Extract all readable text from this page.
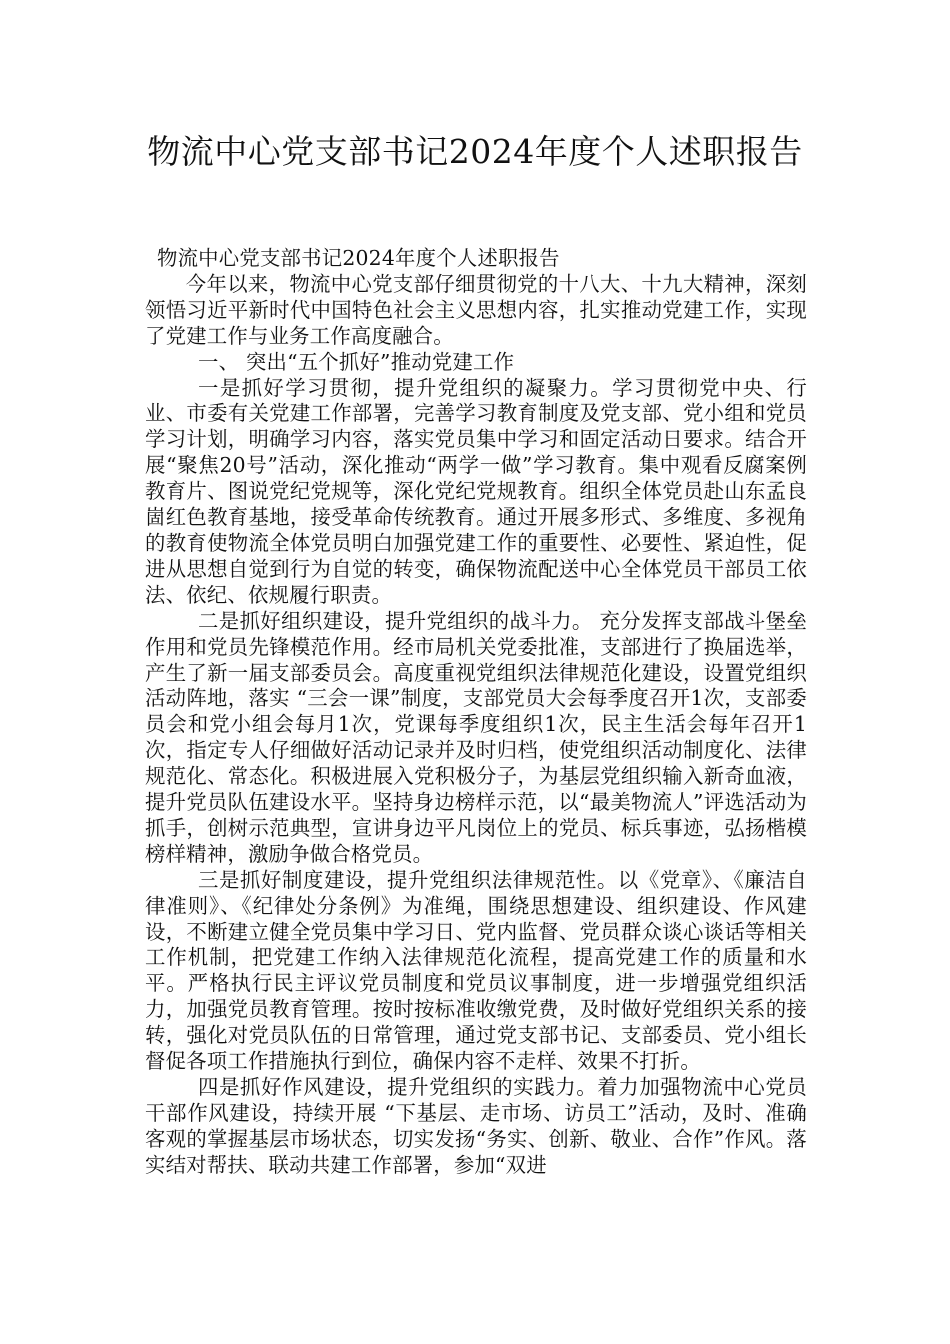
物流中心党支部书记2024年度个人述职报告

物流中心党支部书记2024年度个人述职报告

今年以来，物流中心党支部仔细贯彻党的十八大、十九大精神，深刻领悟习近平新时代中国特色社会主义思想内容，扎实推动党建工作，实现了党建工作与业务工作高度融合。

一、 突出“五个抓好”推动党建工作

一是抓好学习贯彻，提升党组织的凝聚力。学习贯彻党中央、行业、市委有关党建工作部署，完善学习教育制度及党支部、党小组和党员学习计划，明确学习内容，落实党员集中学习和固定活动日要求。结合开展“聚焦20号”活动，深化推动“两学一做”学习教育。集中观看反腐案例教育片、图说党纪党规等，深化党纪党规教育。组织全体党员赴山东孟良崮红色教育基地，接受革命传统教育。通过开展多形式、多维度、多视角的教育使物流全体党员明白加强党建工作的重要性、必要性、紧迫性，促进从思想自觉到行为自觉的转变，确保物流配送中心全体党员干部员工依法、依纪、依规履行职责。

二是抓好组织建设，提升党组织的战斗力。 充分发挥支部战斗堡垒作用和党员先锋模范作用。经市局机关党委批准，支部进行了换届选举，产生了新一届支部委员会。高度重视党组织法律规范化建设，设置党组织活动阵地，落实 “三会一课”制度，支部党员大会每季度召开1次，支部委员会和党小组会每月1次，党课每季度组织1次，民主生活会每年召开1次，指定专人仔细做好活动记录并及时归档，使党组织活动制度化、法律规范化、常态化。积极进展入党积极分子，为基层党组织输入新奇血液，提升党员队伍建设水平。坚持身边榜样示范，以“最美物流人”评选活动为抓手，创树示范典型，宣讲身边平凡岗位上的党员、标兵事迹，弘扬楷模榜样精神，激励争做合格党员。

三是抓好制度建设，提升党组织法律规范性。以《党章》、《廉洁自律准则》、《纪律处分条例》为准绳，围绕思想建设、组织建设、作风建设，不断建立健全党员集中学习日、党内监督、党员群众谈心谈话等相关工作机制，把党建工作纳入法律规范化流程，提高党建工作的质量和水平。严格执行民主评议党员制度和党员议事制度，进一步增强党组织活力，加强党员教育管理。按时按标准收缴党费，及时做好党组织关系的接转，强化对党员队伍的日常管理，通过党支部书记、支部委员、党小组长督促各项工作措施执行到位，确保内容不走样、效果不打折。

四是抓好作风建设，提升党组织的实践力。着力加强物流中心党员干部作风建设，持续开展 “下基层、走市场、访员工”活动，及时、准确客观的掌握基层市场状态，切实发扬“务实、创新、敬业、合作”作风。落实结对帮扶、联动共建工作部署，参加“双进
